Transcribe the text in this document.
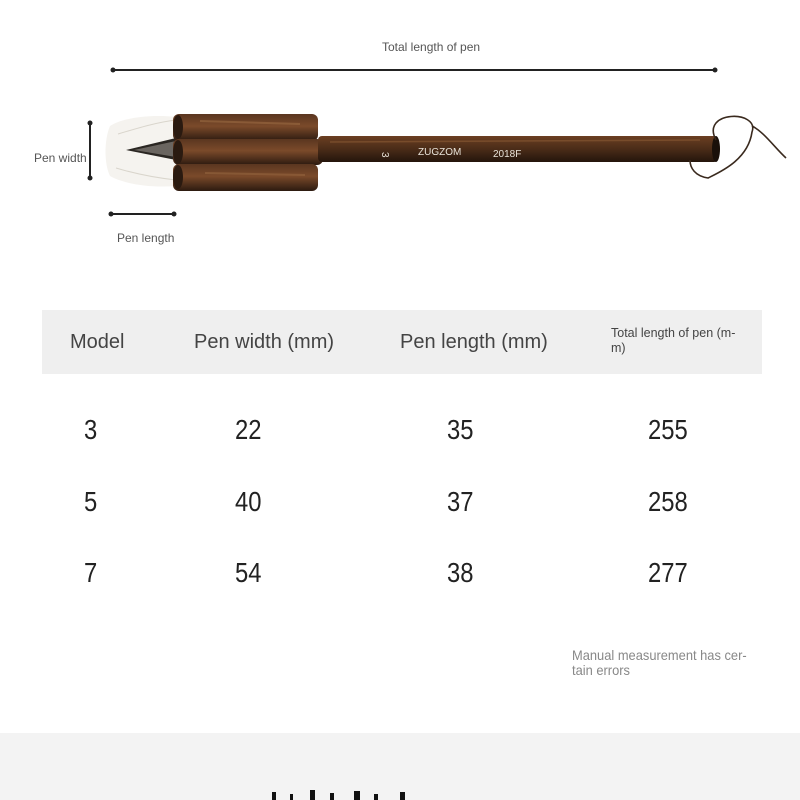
3	ZUGZOM	2018F
Total length of pen
Pen width
Pen length
Model	Pen width (mm)	Pen length (mm)	Total length of pen (m-
m)
3	22	35	255
5	40	37	258
7	54	38	277
Manual measurement has cer-
tain errors
